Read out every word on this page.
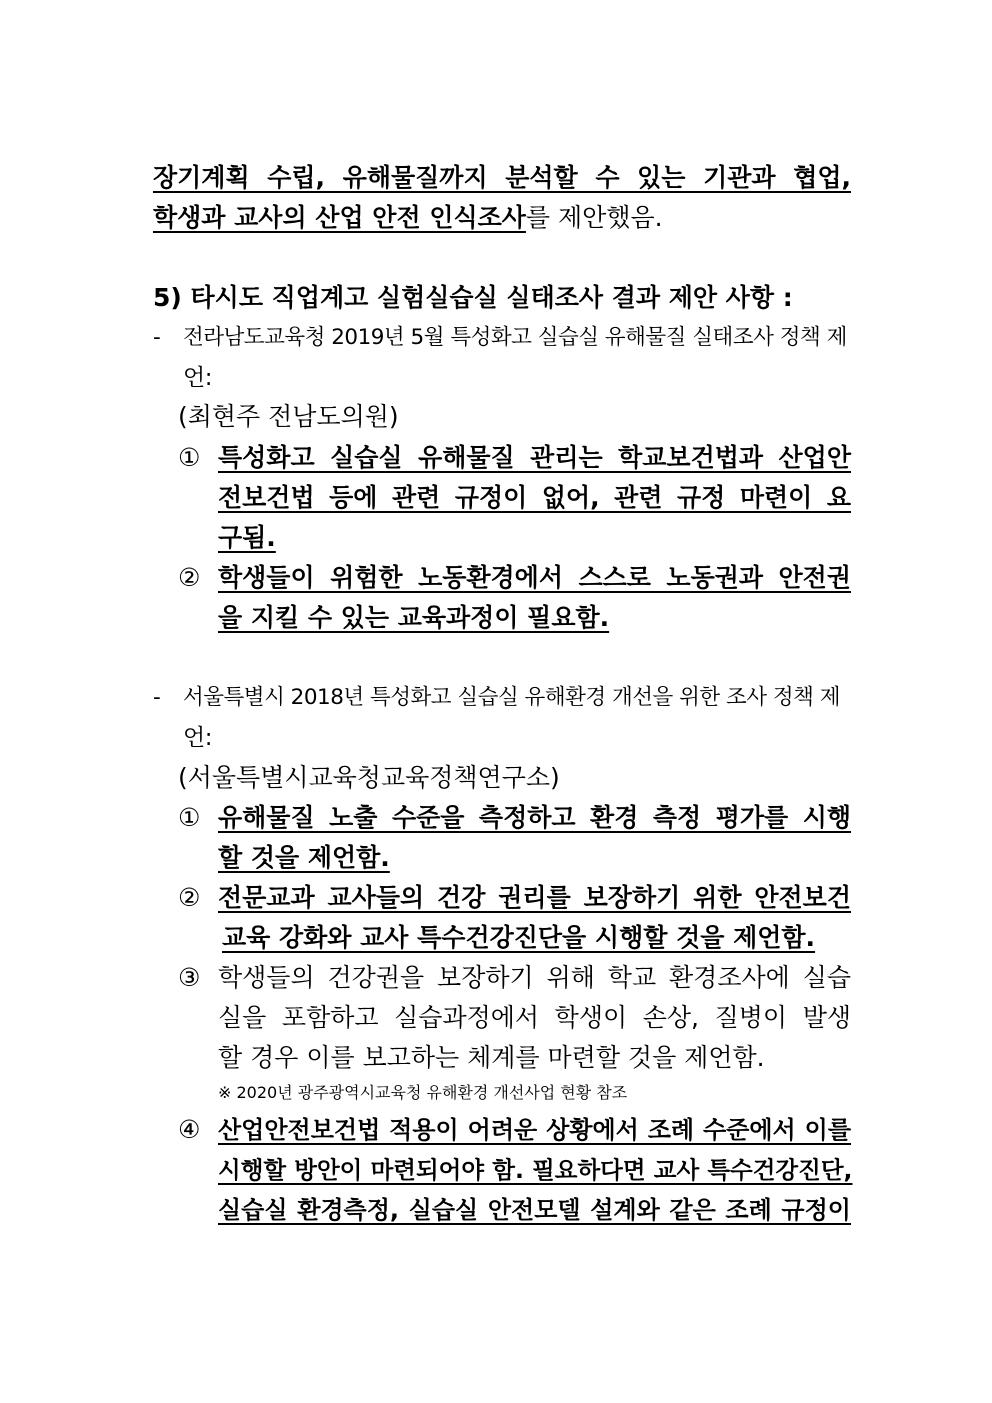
장기계획 수립, 유해물질까지 분석할 수 있는 기관과 협업,
학생과 교사의 산업 안전 인식조사를 제안했음.
5) 타시도 직업계고 실험실습실 실태조사 결과 제안 사항 :
- 전라남도교육청 2019년 5월 특성화고 실습실 유해물질 실태조사 정책 제
언:
(최현주 전남도의원)
① 특성화고 실습실 유해물질 관리는 학교보건법과 산업안
전보건법 등에 관련 규정이 없어, 관련 규정 마련이 요
구됨.
② 학생들이 위험한 노동환경에서 스스로 노동권과 안전권
을 지킬 수 있는 교육과정이 필요함.
- 서울특별시 2018년 특성화고 실습실 유해환경 개선을 위한 조사 정책 제
언:
(서울특별시교육청교육정책연구소)
① 유해물질 노출 수준을 측정하고 환경 측정 평가를 시행
할 것을 제언함.
② 전문교과 교사들의 건강 권리를 보장하기 위한 안전보건
교육 강화와 교사 특수건강진단을 시행할 것을 제언함.
③ 학생들의 건강권을 보장하기 위해 학교 환경조사에 실습
실을 포함하고 실습과정에서 학생이 손상, 질병이 발생
할 경우 이를 보고하는 체계를 마련할 것을 제언함.
※ 2020년 광주광역시교육청 유해환경 개선사업 현황 참조
④ 산업안전보건법 적용이 어려운 상황에서 조례 수준에서 이를
시행할 방안이 마련되어야 함. 필요하다면 교사 특수건강진단,
실습실 환경측정, 실습실 안전모델 설계와 같은 조례 규정이
